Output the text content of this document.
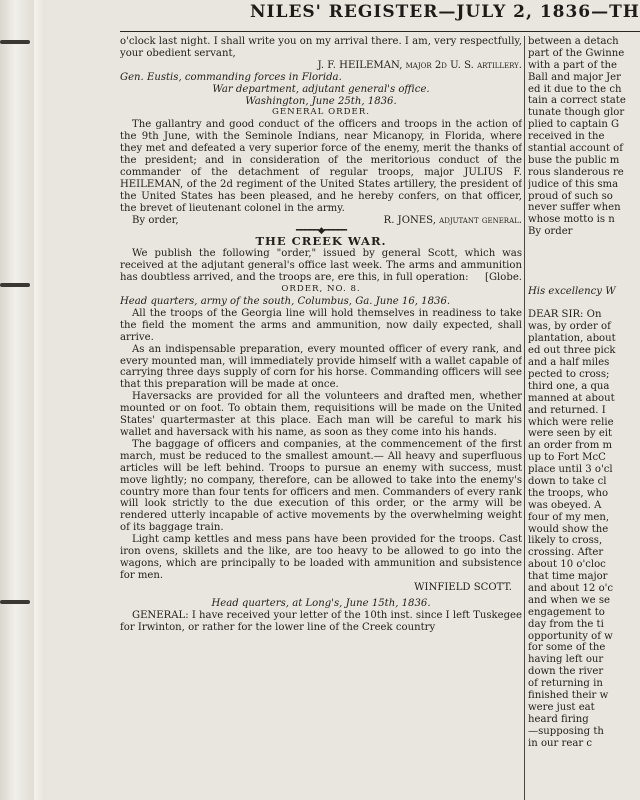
NILES' REGISTER—JULY 2, 1836—TH

o'clock last night. I shall write you on my arrival there. I am, very respectfully, your obedient servant,

J. F. HEILEMAN, major 2d U. S. artillery.

Gen. Eustis, commanding forces in Florida.

War department, adjutant general's office.

Washington, June 25th, 1836.

GENERAL ORDER.

The gallantry and good conduct of the officers and troops in the action of the 9th June, with the Seminole Indians, near Micanopy, in Florida, where they met and defeated a very superior force of the enemy, merit the thanks of the president; and in consideration of the meritorious conduct of the commander of the detachment of regular troops, major JULIUS F. HEILEMAN, of the 2d regiment of the United States artillery, the president of the United States has been pleased, and he hereby confers, on that officer, the brevet of lieutenant colonel in the army.

By order,	R. JONES, adjutant general.
━━━━━◆━━━━━
THE CREEK WAR.

We publish the following "order," issued by general Scott, which was received at the adjutant general's office last week. The arms and ammunition has doubtless arrived, and the troops are, ere this, in full operation:	[Globe.

ORDER, NO. 8.

Head quarters, army of the south, Columbus, Ga. June 16, 1836.

All the troops of the Georgia line will hold themselves in readiness to take the field the moment the arms and ammunition, now daily expected, shall arrive.

As an indispensable preparation, every mounted officer of every rank, and every mounted man, will immediately provide himself with a wallet capable of carrying three days supply of corn for his horse. Commanding officers will see that this preparation will be made at once.

Haversacks are provided for all the volunteers and drafted men, whether mounted or on foot. To obtain them, requisitions will be made on the United States' quartermaster at this place. Each man will be careful to mark his wallet and haversack with his name, as soon as they come into his hands.

The baggage of officers and companies, at the commencement of the first march, must be reduced to the smallest amount.— All heavy and superfluous articles will be left behind. Troops to pursue an enemy with success, must move lightly; no company, therefore, can be allowed to take into the enemy's country more than four tents for officers and men. Commanders of every rank will look strictly to the due execution of this order, or the army will be rendered utterly incapable of active movements by the overwhelming weight of its baggage train.

Light camp kettles and mess pans have been provided for the troops. Cast iron ovens, skillets and the like, are too heavy to be allowed to go into the wagons, which are principally to be loaded with ammunition and subsistence for men.

WINFIELD SCOTT.

Head quarters, at Long's, June 15th, 1836.

GENERAL: I have received your letter of the 10th inst. since I left Tuskegee for Irwinton, or rather for the lower line of the Creek country

between a detach
part of the Gwinne
with a part of the
Ball and major Jer
ed it due to the ch
tain a correct state
tunate though glor
plied to captain G
received in the
stantial account of
buse the public m
rous slanderous re
judice of this sma
proud of such so
never suffer when
whose motto is n
By order
His excellency W
DEAR SIR: On
was, by order of
plantation, about
ed out three pick
and a half miles
pected to cross;
third one, a qua
manned at about
and returned. I
which were relie
were seen by eit
an order from m
up to Fort McC
place until 3 o'cl
down to take cl
the troops, who
was obeyed. A
four of my men,
would show the
likely to cross,
crossing. After
about 10 o'cloc
that time major
and about 12 o'c
and when we se
engagement to
day from the ti
opportunity of w
for some of the
having left our
down the river
of returning in
finished their w
were just eat
heard firing
—supposing th
in our rear c
